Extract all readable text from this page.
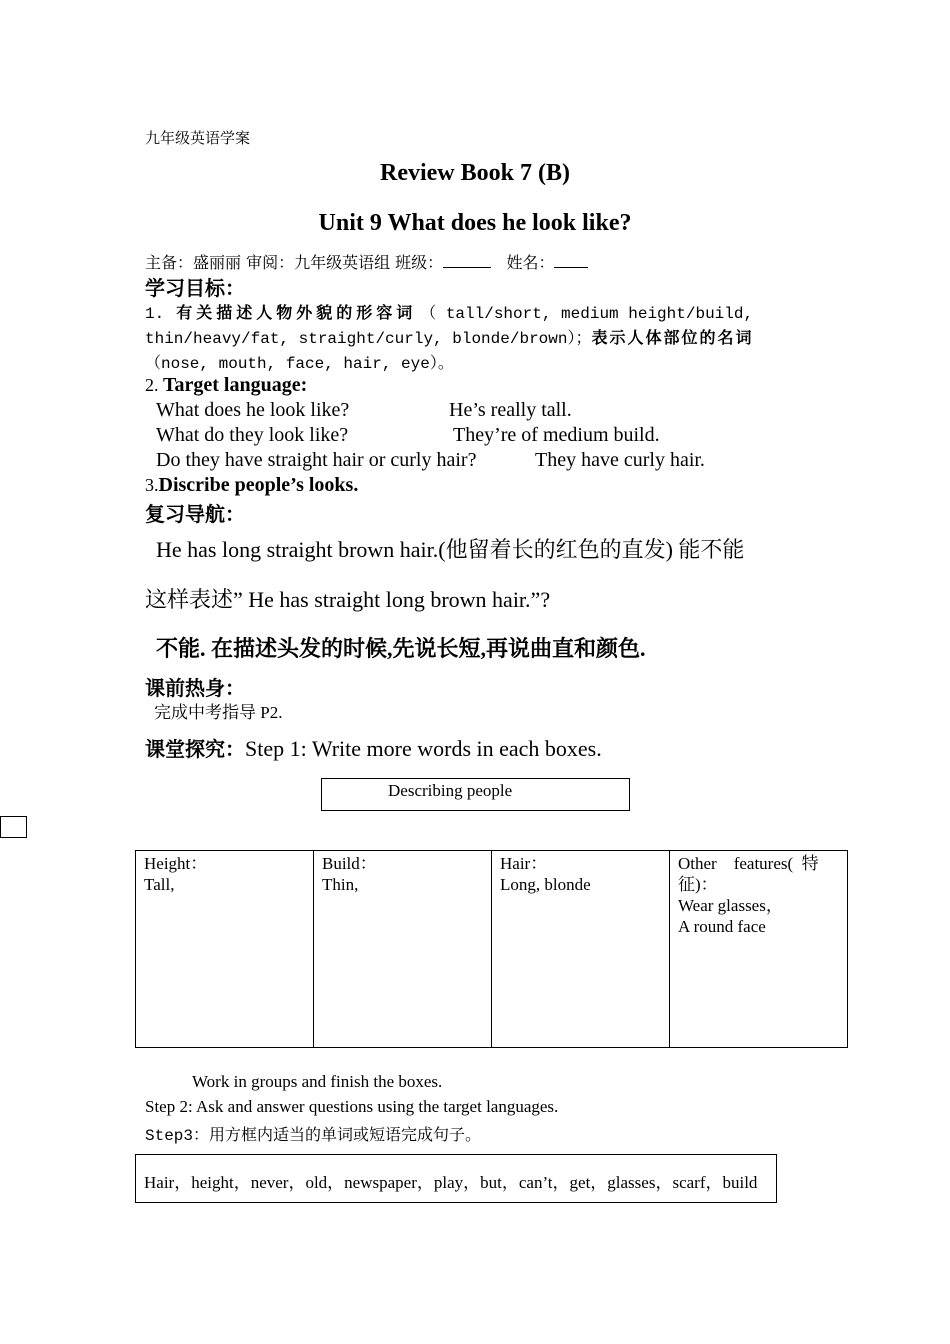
九年级英语学案
Review Book 7 (B)
Unit 9 What does he look like?
主备：盛丽丽 审阅：九年级英语组 班级：	姓名：
学习目标：
1. 有关描述人物外貌的形容词 （ tall/short, medium height/build,
thin/heavy/fat, straight/curly, blonde/brown）；表示人体部位的名词
（nose, mouth, face, hair, eye）。
2. Target language:
What does he look like?	He’s really tall.
What do they look like?	They’re of medium build.
Do they have straight hair or curly hair?	They have curly hair.
3.Discribe people’s looks.
复习导航：
He has long straight brown hair.(他留着长的红色的直发) 能不能
这样表述” He has straight long brown hair.”?
不能. 在描述头发的时候,先说长短,再说曲直和颜色.
课前热身：
完成中考指导 P2.
课堂探究：Step 1: Write more words in each boxes.
Describing people
Height：
Tall,

Build：
Thin,

Hair：
Long, blonde

Other    features(  特
征)：
Wear glasses，
A round face
Work in groups and finish the boxes.
Step 2: Ask and answer questions using the target languages.
Step3：用方框内适当的单词或短语完成句子。
Hair，height，never，old，newspaper，play，but，can’t，get，glasses，scarf，build
